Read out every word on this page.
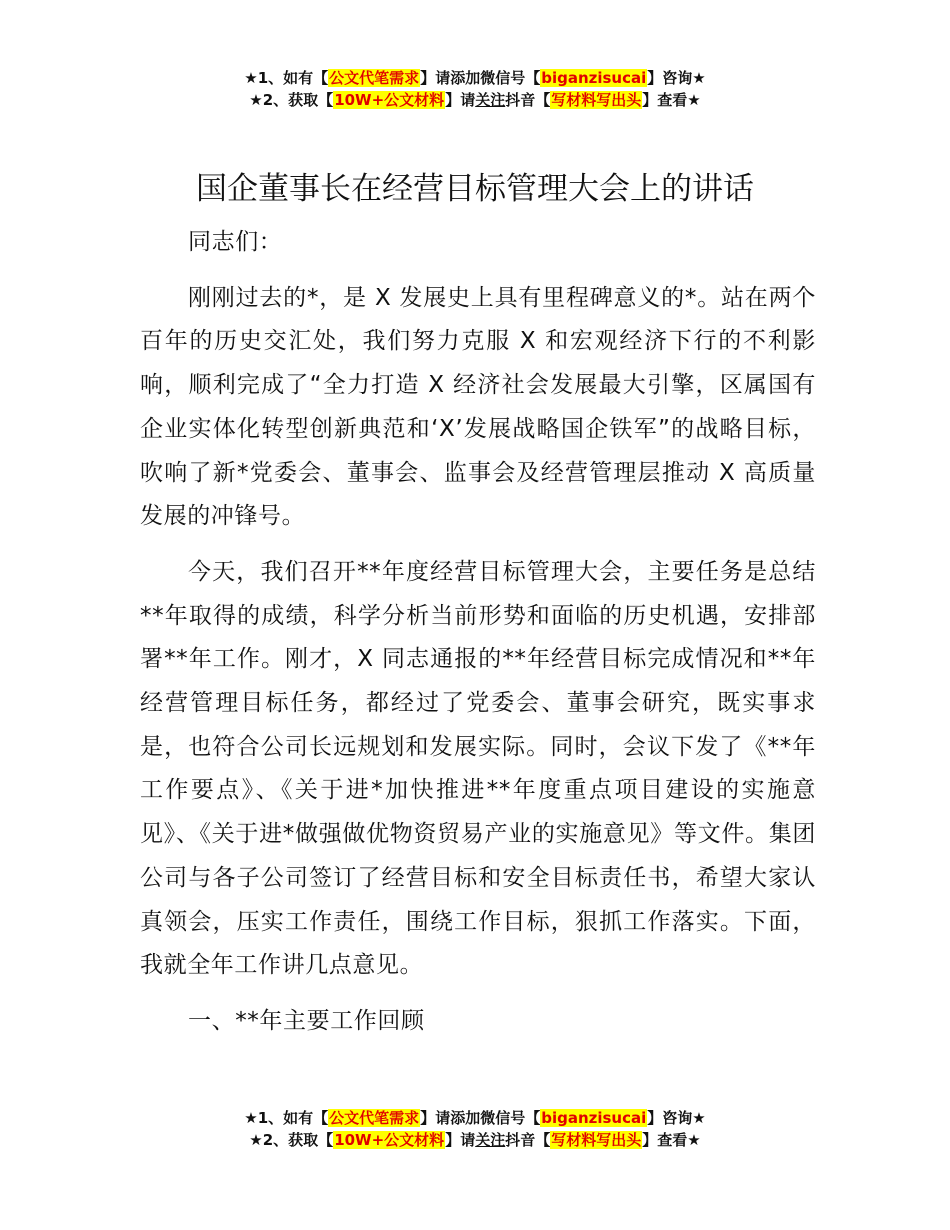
★1、如有【公文代笔需求】请添加微信号【biganzisucai】咨询★
★2、获取【10W+公文材料】请关注抖音【写材料写出头】查看★
国企董事长在经营目标管理大会上的讲话

同志们：

刚刚过去的*，是 X 发展史上具有里程碑意义的*。站在两个百年的历史交汇处，我们努力克服 X 和宏观经济下行的不利影响，顺利完成了“全力打造 X 经济社会发展最大引擎，区属国有企业实体化转型创新典范和‘X’发展战略国企铁军”的战略目标，吹响了新*党委会、董事会、监事会及经营管理层推动 X 高质量发展的冲锋号。

今天，我们召开**年度经营目标管理大会，主要任务是总结**年取得的成绩，科学分析当前形势和面临的历史机遇，安排部署**年工作。刚才，X 同志通报的**年经营目标完成情况和**年经营管理目标任务，都经过了党委会、董事会研究，既实事求是，也符合公司长远规划和发展实际。同时，会议下发了《**年工作要点》、《关于进*加快推进**年度重点项目建设的实施意见》、《关于进*做强做优物资贸易产业的实施意见》等文件。集团公司与各子公司签订了经营目标和安全目标责任书，希望大家认真领会，压实工作责任，围绕工作目标，狠抓工作落实。下面，我就全年工作讲几点意见。

一、**年主要工作回顾

★1、如有【公文代笔需求】请添加微信号【biganzisucai】咨询★
★2、获取【10W+公文材料】请关注抖音【写材料写出头】查看★
